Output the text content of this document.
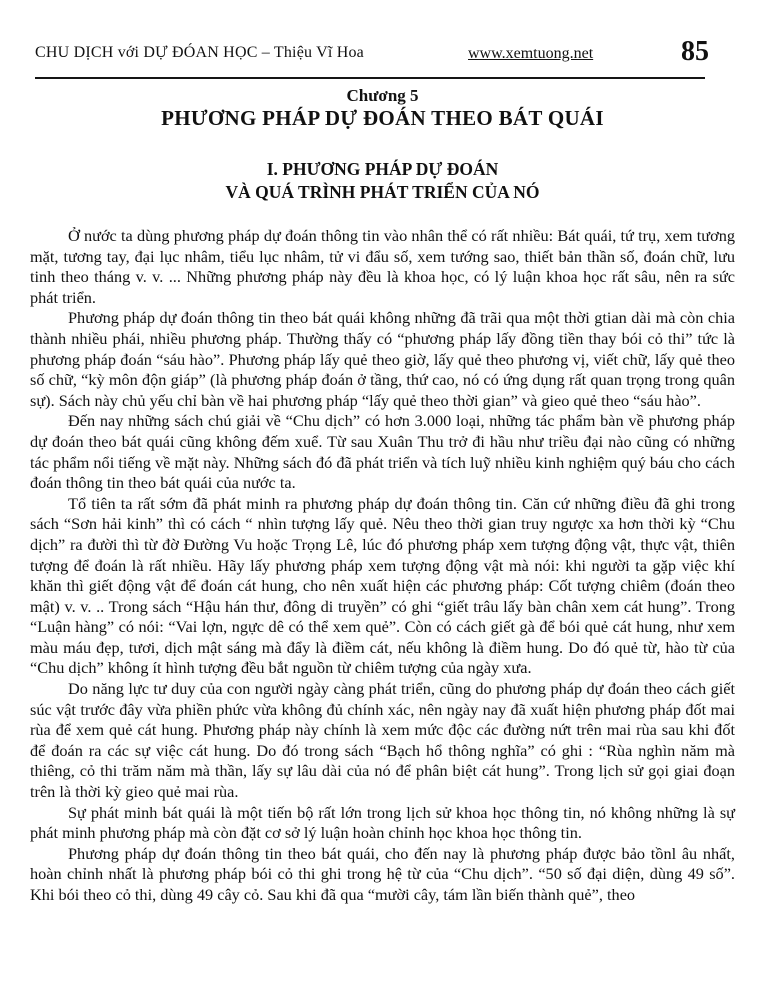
CHU DỊCH với DỰ ĐÓAN HỌC – Thiệu Vĩ Hoa	www.xemtuong.net	85

Chương 5

PHƯƠNG PHÁP DỰ ĐOÁN THEO BÁT QUÁI
I. PHƯƠNG PHÁP DỰ ĐOÁN
VÀ QUÁ TRÌNH PHÁT TRIỂN CỦA NÓ

Ở nước ta dùng phương pháp dự đoán thông tin vào nhân thể có rất nhiều: Bát quái, tứ trụ, xem tương mặt, tương tay, đại lục nhâm, tiểu lục nhâm, tử vi đẩu số, xem tướng sao, thiết bản thần số, đoán chữ, lưu tinh theo tháng v. v. ... Những phương pháp này đều là khoa học, có lý luận khoa học rất sâu, nên ra sức phát triển.

Phương pháp dự đoán thông tin theo bát quái không những đã trãi qua một thời gtian dài mà còn chia thành nhiều phái, nhiều phương pháp. Thường thấy có “phương pháp lấy đồng tiền thay bói cỏ thi” tức là phương pháp đoán “sáu hào”. Phương pháp lấy quẻ theo giờ, lấy quẻ theo phương vị, viết chữ, lấy quẻ theo số chữ, “kỳ môn độn giáp” (là phương pháp đoán ở tầng, thứ cao, nó có ứng dụng rất quan trọng trong quân sự). Sách này chủ yếu chỉ bàn về hai phương pháp “lấy quẻ theo thời gian” và gieo quẻ theo “sáu hào”.

Đến nay những sách chú giải về “Chu dịch” có hơn 3.000 loại, những tác phẩm bàn về phương pháp dự đoán theo bát quái cũng không đếm xuể. Từ sau Xuân Thu trở đi hầu như triều đại nào cũng có những tác phẩm nổi tiếng về mặt này. Những sách đó đã phát triển và tích luỹ nhiều kinh nghiệm quý báu cho cách đoán thông tin theo bát quái của nước ta.

Tổ tiên ta rất sớm đã phát minh ra phương pháp dự đoán thông tin. Căn cứ những điều đã ghi trong sách “Sơn hải kinh” thì có cách “ nhìn tượng lấy quẻ. Nêu theo thời gian truy ngược xa hơn thời kỳ “Chu dịch” ra đười thì từ đờ Đường Vu hoặc Trọng Lê, lúc đó phương pháp xem tượng động vật, thực vật, thiên tượng để đoán là rất nhiều. Hãy lấy phương pháp xem tượng động vật mà nói: khi người ta gặp việc khí khăn thì giết động vật để đoán cát hung, cho nên xuất hiện các phương pháp: Cốt tượng chiêm (đoán theo mật) v. v. .. Trong sách “Hậu hán thư, đông di truyền” có ghi “giết trâu lấy bàn chân xem cát hung”. Trong “Luận hàng” có nói: “Vai lợn, ngực dê có thể xem quẻ”. Còn có cách giết gà để bói quẻ cát hung, như xem màu máu đẹp, tươi, dịch mật sáng mà đẩy là điềm cát, nếu không là điềm hung. Do đó quẻ từ, hào từ của “Chu dịch” không ít hình tượng đều bắt nguồn từ chiêm tượng của ngày xưa.

Do năng lực tư duy của con người ngày càng phát triển, cũng do phương pháp dự đoán theo cách giết súc vật trước đây vừa phiền phức vừa không đủ chính xác, nên ngày nay đã xuất hiện phương pháp đốt mai rùa để xem quẻ cát hung. Phương pháp này chính là xem mức độc các đường nứt trên mai rùa sau khi đốt để đoán ra các sự việc cát hung. Do đó trong sách “Bạch hổ thông nghĩa” có ghi : “Rùa nghìn năm mà thiêng, cỏ thi trăm năm mà thần, lấy sự lâu dài của nó để phân biệt cát hung”. Trong lịch sử gọi giai đoạn trên là thời kỳ gieo quẻ mai rùa.

Sự phát minh bát quái là một tiến bộ rất lớn trong lịch sử khoa học thông tin, nó không những là sự phát minh phương pháp mà còn đặt cơ sở lý luận hoàn chỉnh học khoa học thông tin.

Phương pháp dự đoán thông tin theo bát quái, cho đến nay là phương pháp được bảo tồnl âu nhất, hoàn chỉnh nhất là phương pháp bói cỏ thi ghi trong hệ từ của “Chu dịch”. “50 số đại diện, dùng 49 số”. Khi bói theo cỏ thi, dùng 49 cây cỏ. Sau khi đã qua “mười cây, tám lần biến thành quẻ”, theo
